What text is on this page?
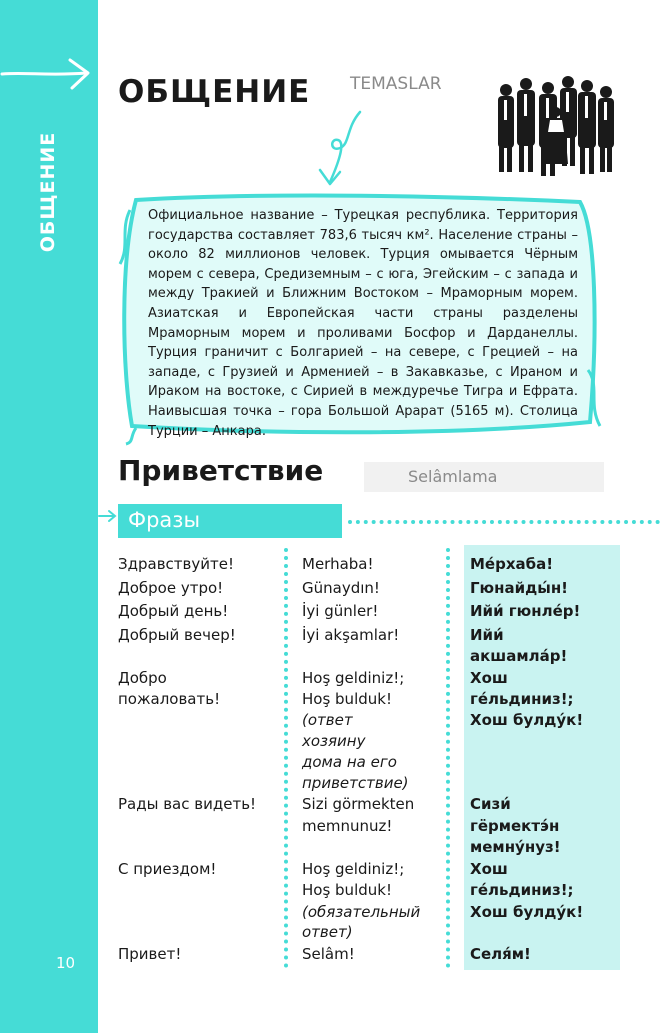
ОБЩЕНИЕ
10
ОБЩЕНИЕ TEMASLAR
Официальное название – Турецкая республика. Территория государства составляет 783,6 тысяч км². Население страны – около 82 миллионов человек. Турция омывается Чёрным морем с севера, Средиземным – с юга, Эгейским – с запада и между Тракией и Ближним Востоком – Мраморным морем. Азиатская и Европейская части страны разделены Мраморным морем и проливами Босфор и Дарданеллы. Турция граничит с Болгарией – на севере, с Грецией – на западе, с Грузией и Арменией – в Закавказье, с Ираном и Ираком на востоке, с Сирией в междуречье Тигра и Ефрата. Наивысшая точка – гора Большой Арарат (5165 м). Столица Турции – Анкара.
Приветствие	Selâmlama
Фразы
Здравствуйте!
Доброе утро!
Добрый день!
Добрый вечер!
Добро
пожаловать!
Рады вас видеть!
С приездом!
Привет!
Merhaba!
Günaydın!
İyi günler!
İyi akşamlar!
Hoş geldiniz!;
Hoş bulduk!
(ответ
хозяину
дома на его
приветствие)
Sizi görmekten
memnunuz!
Hoş geldiniz!;
Hoş bulduk!
(обязательный
ответ)
Selâm!
Ме́рхаба!
Гюнайды́н!
Ийи́ гюнле́р!
Ийи́
акшамла́р!
Хош
ге́льдиниз!;
Хош булду́к!
Сизи́
гёрмектэ́н
мемну́нуз!
Хош
ге́льдиниз!;
Хош булду́к!
Селя́м!
